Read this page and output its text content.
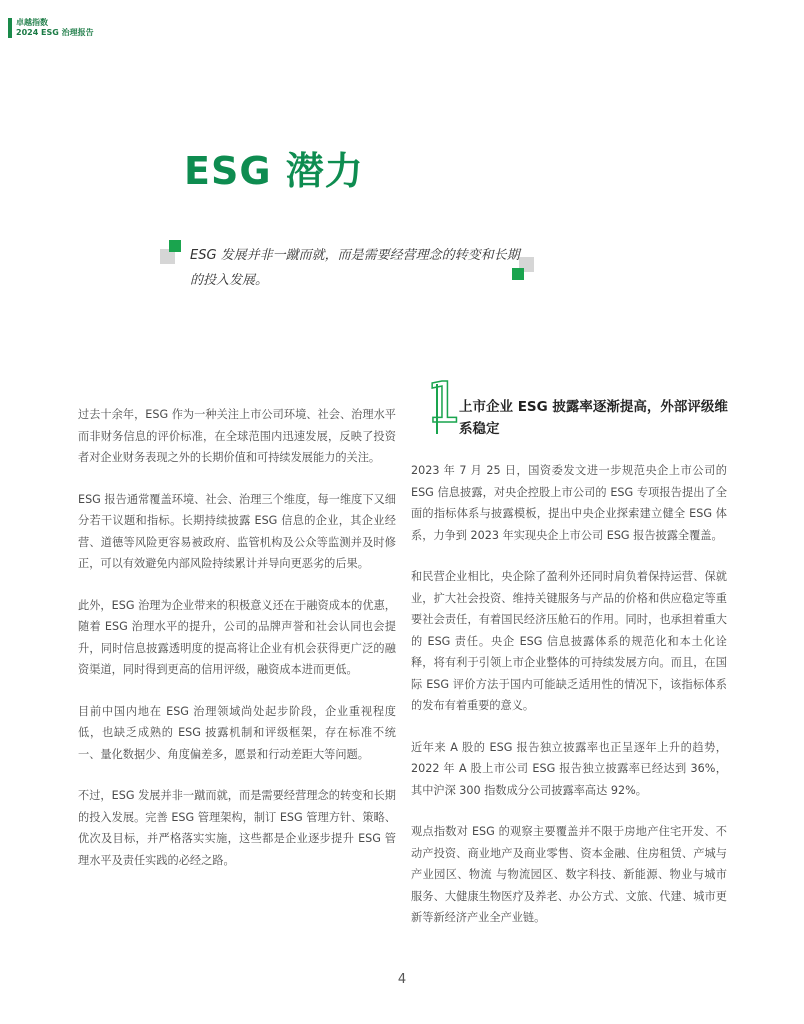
卓越指数
2024 ESG 治理报告
ESG 潜力
ESG 发展并非一蹴而就，而是需要经营理念的转变和长期的投入发展。

过去十余年，ESG 作为一种关注上市公司环境、社会、治理水平而非财务信息的评价标准，在全球范围内迅速发展，反映了投资者对企业财务表现之外的长期价值和可持续发展能力的关注。

ESG 报告通常覆盖环境、社会、治理三个维度，每一维度下又细分若干议题和指标。长期持续披露 ESG 信息的企业，其企业经营、道德等风险更容易被政府、监管机构及公众等监测并及时修正，可以有效避免内部风险持续累计并导向更恶劣的后果。

此外，ESG 治理为企业带来的积极意义还在于融资成本的优惠，随着 ESG 治理水平的提升，公司的品牌声誉和社会认同也会提升，同时信息披露透明度的提高将让企业有机会获得更广泛的融资渠道，同时得到更高的信用评级，融资成本进而更低。

目前中国内地在 ESG 治理领域尚处起步阶段，企业重视程度低，也缺乏成熟的 ESG 披露机制和评级框架，存在标准不统一、量化数据少、角度偏差多，愿景和行动差距大等问题。

不过，ESG 发展并非一蹴而就，而是需要经营理念的转变和长期的投入发展。完善 ESG 管理架构，制订 ESG 管理方针、策略、优次及目标，并严格落实实施，这些都是企业逐步提升 ESG 管理水平及责任实践的必经之路。

1
上市企业 ESG 披露率逐渐提高，外部评级维系稳定

2023 年 7 月 25 日，国资委发文进一步规范央企上市公司的 ESG 信息披露，对央企控股上市公司的 ESG 专项报告提出了全面的指标体系与披露模板，提出中央企业探索建立健全 ESG 体系，力争到 2023 年实现央企上市公司 ESG 报告披露全覆盖。

和民营企业相比，央企除了盈利外还同时肩负着保持运营、保就业，扩大社会投资、维持关键服务与产品的价格和供应稳定等重要社会责任，有着国民经济压舱石的作用。同时，也承担着重大的 ESG 责任。央企 ESG 信息披露体系的规范化和本土化诠释，将有利于引领上市企业整体的可持续发展方向。而且，在国际 ESG 评价方法于国内可能缺乏适用性的情况下，该指标体系的发布有着重要的意义。

近年来 A 股的 ESG 报告独立披露率也正呈逐年上升的趋势，2022 年 A 股上市公司 ESG 报告独立披露率已经达到 36%，其中沪深 300 指数成分公司披露率高达 92%。

观点指数对 ESG 的观察主要覆盖并不限于房地产住宅开发、不动产投资、商业地产及商业零售、资本金融、住房租赁、产城与产业园区、物流 与物流园区、数字科技、新能源、物业与城市服务、大健康生物医疗及养老、办公方式、文旅、代建、城市更新等新经济产业全产业链。

4
